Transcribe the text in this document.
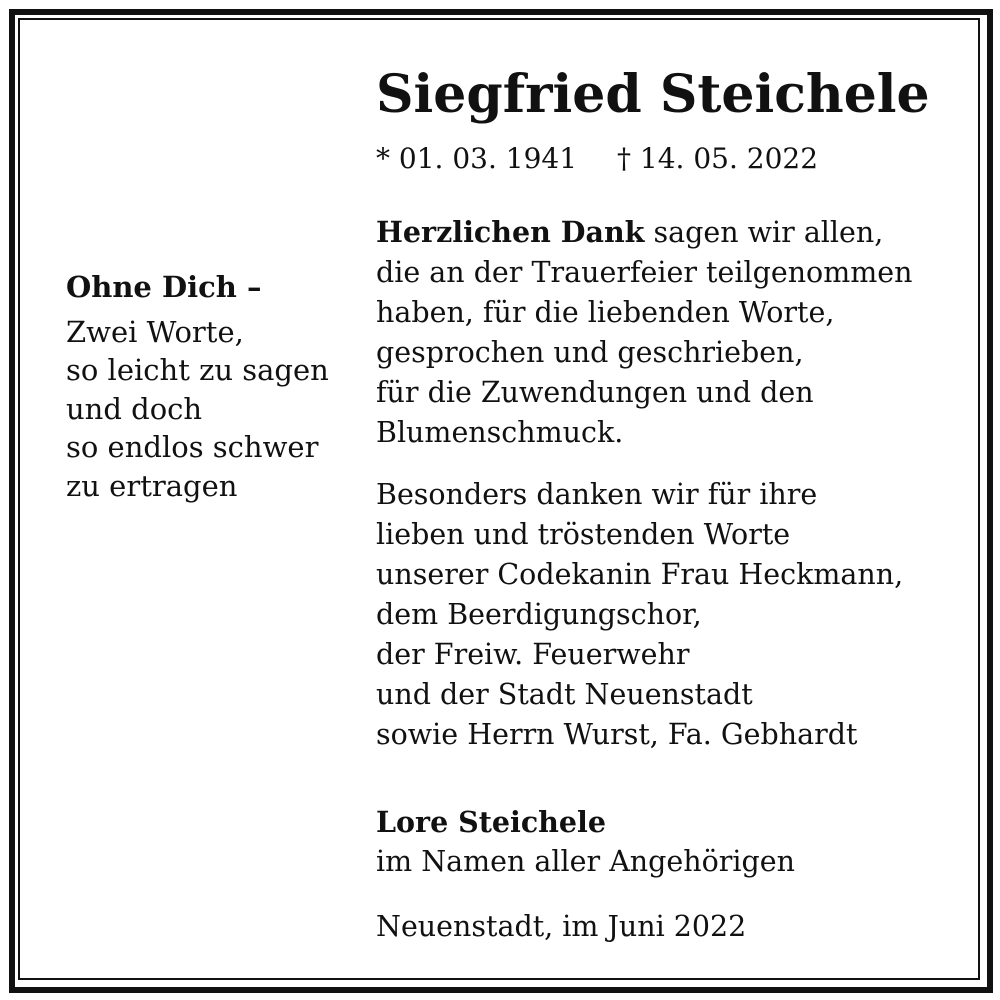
Siegfried Steichele
* 01. 03. 1941 † 14. 05. 2022
Ohne Dich –
Zwei Worte,
so leicht zu sagen
und doch
so endlos schwer
zu ertragen
Herzlichen Dank sagen wir allen,
die an der Trauerfeier teilgenommen
haben, für die liebenden Worte,
gesprochen und geschrieben,
für die Zuwendungen und den
Blumenschmuck.
Besonders danken wir für ihre
lieben und tröstenden Worte
unserer Codekanin Frau Heckmann,
dem Beerdigungschor,
der Freiw. Feuerwehr
und der Stadt Neuenstadt
sowie Herrn Wurst, Fa. Gebhardt
Lore Steichele
im Namen aller Angehörigen
Neuenstadt, im Juni 2022
